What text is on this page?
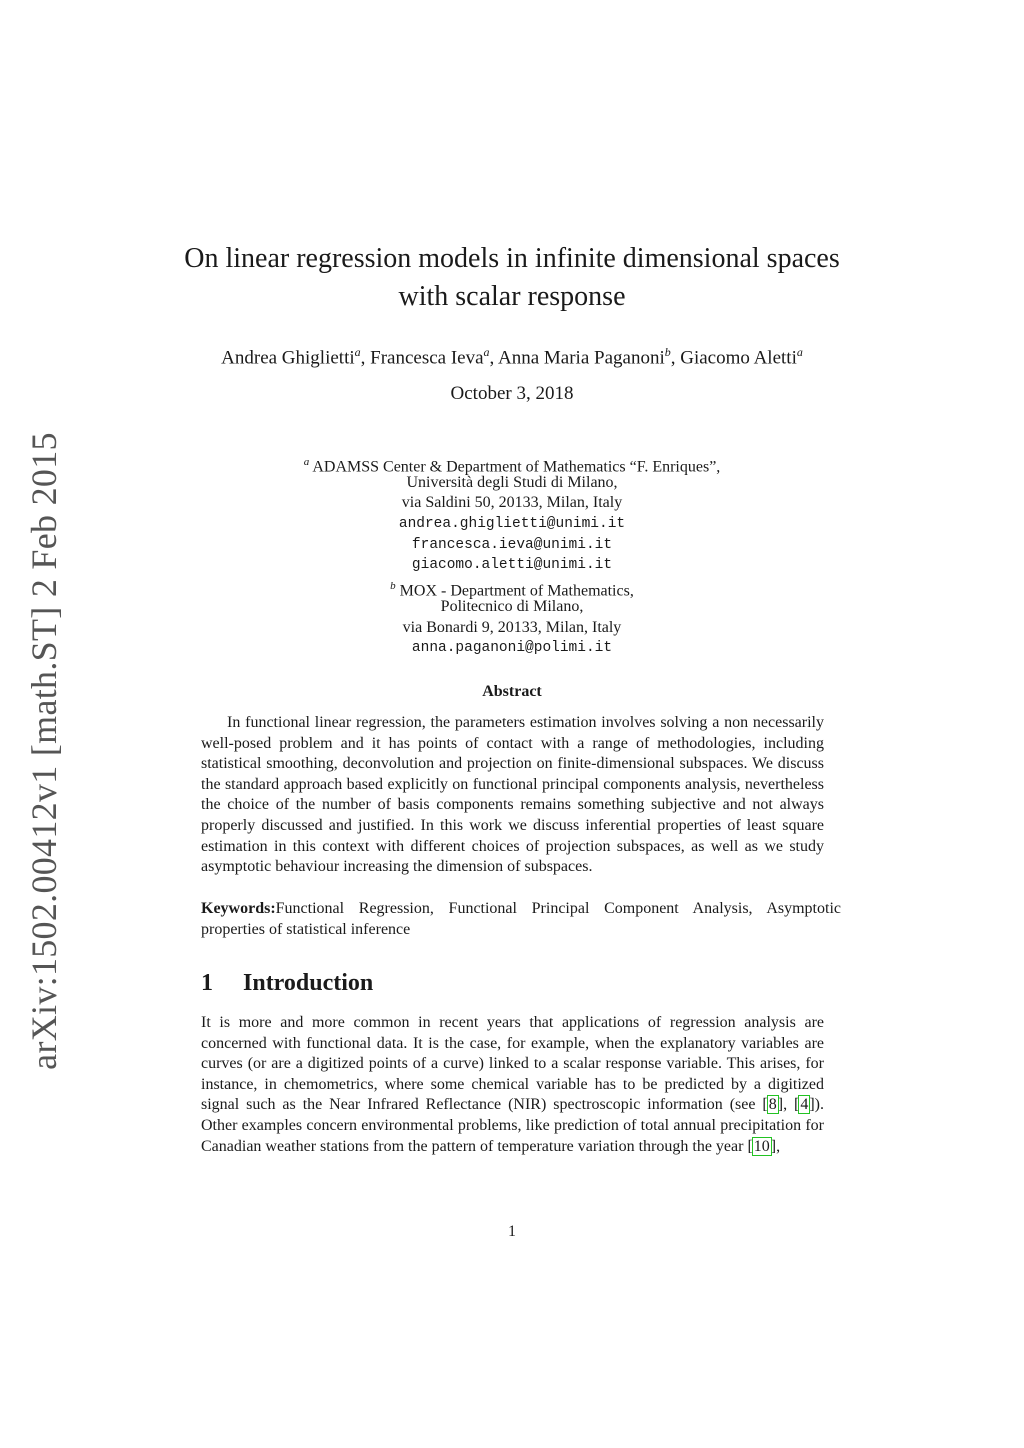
arXiv:1502.00412v1 [math.ST] 2 Feb 2015
On linear regression models in infinite dimensional spaces
with scalar response
Andrea Ghiglietti$^a$, Francesca Ieva$^a$, Anna Maria Paganoni$^b$, Giacomo Aletti$^a$
October 3, 2018
$^a$ ADAMSS Center & Department of Mathematics “F. Enriques”,
Università degli Studi di Milano,
via Saldini 50, 20133, Milan, Italy
andrea.ghiglietti@unimi.it
francesca.ieva@unimi.it
giacomo.aletti@unimi.it
$^b$ MOX - Department of Mathematics,
Politecnico di Milano,
via Bonardi 9, 20133, Milan, Italy
anna.paganoni@polimi.it
Abstract

In functional linear regression, the parameters estimation involves solving a non necessarily well-posed problem and it has points of contact with a range of methodologies, including statistical smoothing, deconvolution and projection on finite-dimensional subspaces. We discuss the standard approach based explicitly on functional principal components analysis, nevertheless the choice of the number of basis components remains something subjective and not always properly discussed and justified. In this work we discuss inferential properties of least square estimation in this context with different choices of projection subspaces, as well as we study asymptotic behaviour increasing the dimension of subspaces.

Keywords:Functional Regression, Functional Principal Component Analysis, Asymptotic properties of statistical inference

1 Introduction

It is more and more common in recent years that applications of regression analysis are concerned with functional data. It is the case, for example, when the explanatory variables are curves (or are a digitized points of a curve) linked to a scalar response variable. This arises, for instance, in chemometrics, where some chemical variable has to be predicted by a digitized signal such as the Near Infrared Reflectance (NIR) spectroscopic information (see [8], [4]). Other examples concern environmental problems, like prediction of total annual precipitation for Canadian weather stations from the pattern of temperature variation through the year [10],

1
